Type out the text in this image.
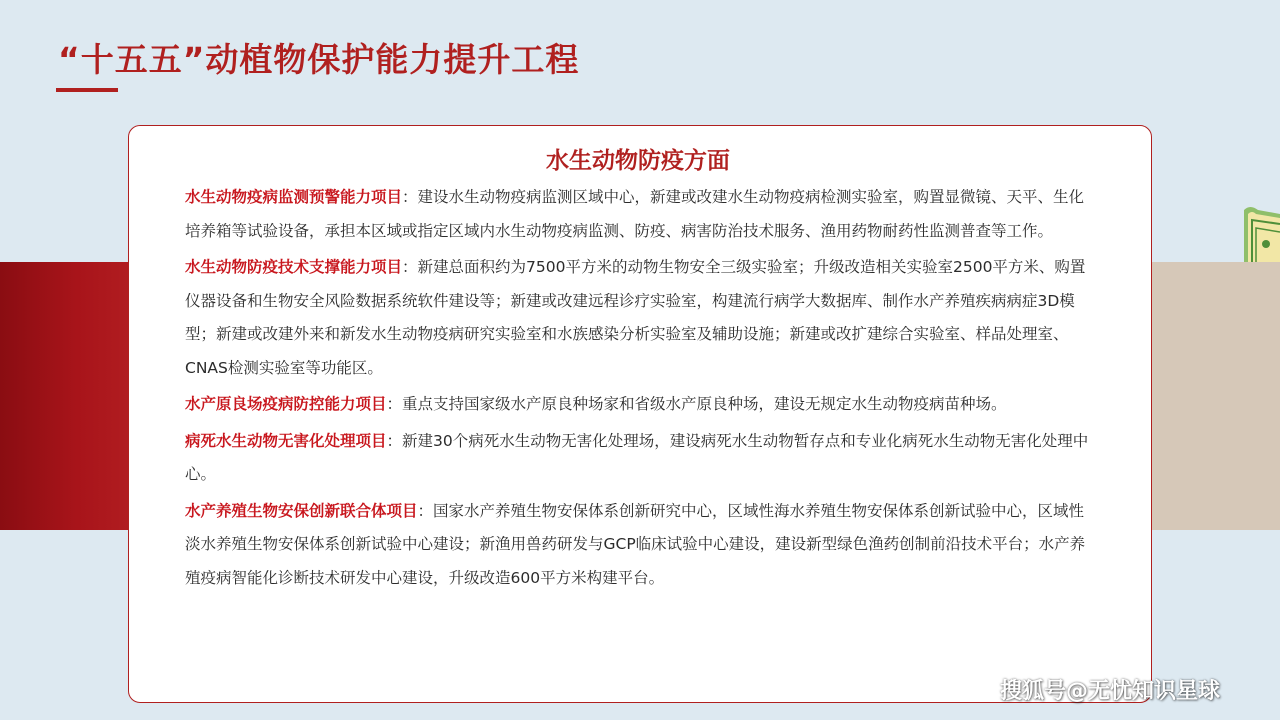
“十五五”动植物保护能力提升工程
水生动物防疫方面

水生动物疫病监测预警能力项目：建设水生动物疫病监测区域中心，新建或改建水生动物疫病检测实验室，购置显微镜、天平、生化培养箱等试验设备，承担本区域或指定区域内水生动物疫病监测、防疫、病害防治技术服务、渔用药物耐药性监测普查等工作。

水生动物防疫技术支撑能力项目：新建总面积约为7500平方米的动物生物安全三级实验室；升级改造相关实验室2500平方米、购置仪器设备和生物安全风险数据系统软件建设等；新建或改建远程诊疗实验室，构建流行病学大数据库、制作水产养殖疾病病症3D模型；新建或改建外来和新发水生动物疫病研究实验室和水族感染分析实验室及辅助设施；新建或改扩建综合实验室、样品处理室、CNAS检测实验室等功能区。

水产原良场疫病防控能力项目：重点支持国家级水产原良种场家和省级水产原良种场，建设无规定水生动物疫病苗种场。

病死水生动物无害化处理项目：新建30个病死水生动物无害化处理场，建设病死水生动物暂存点和专业化病死水生动物无害化处理中心。

水产养殖生物安保创新联合体项目：国家水产养殖生物安保体系创新研究中心，区域性海水养殖生物安保体系创新试验中心，区域性淡水养殖生物安保体系创新试验中心建设；新渔用兽药研发与GCP临床试验中心建设，建设新型绿色渔药创制前沿技术平台；水产养殖疫病智能化诊断技术研发中心建设，升级改造600平方米构建平台。

搜狐号@无忧知识星球
